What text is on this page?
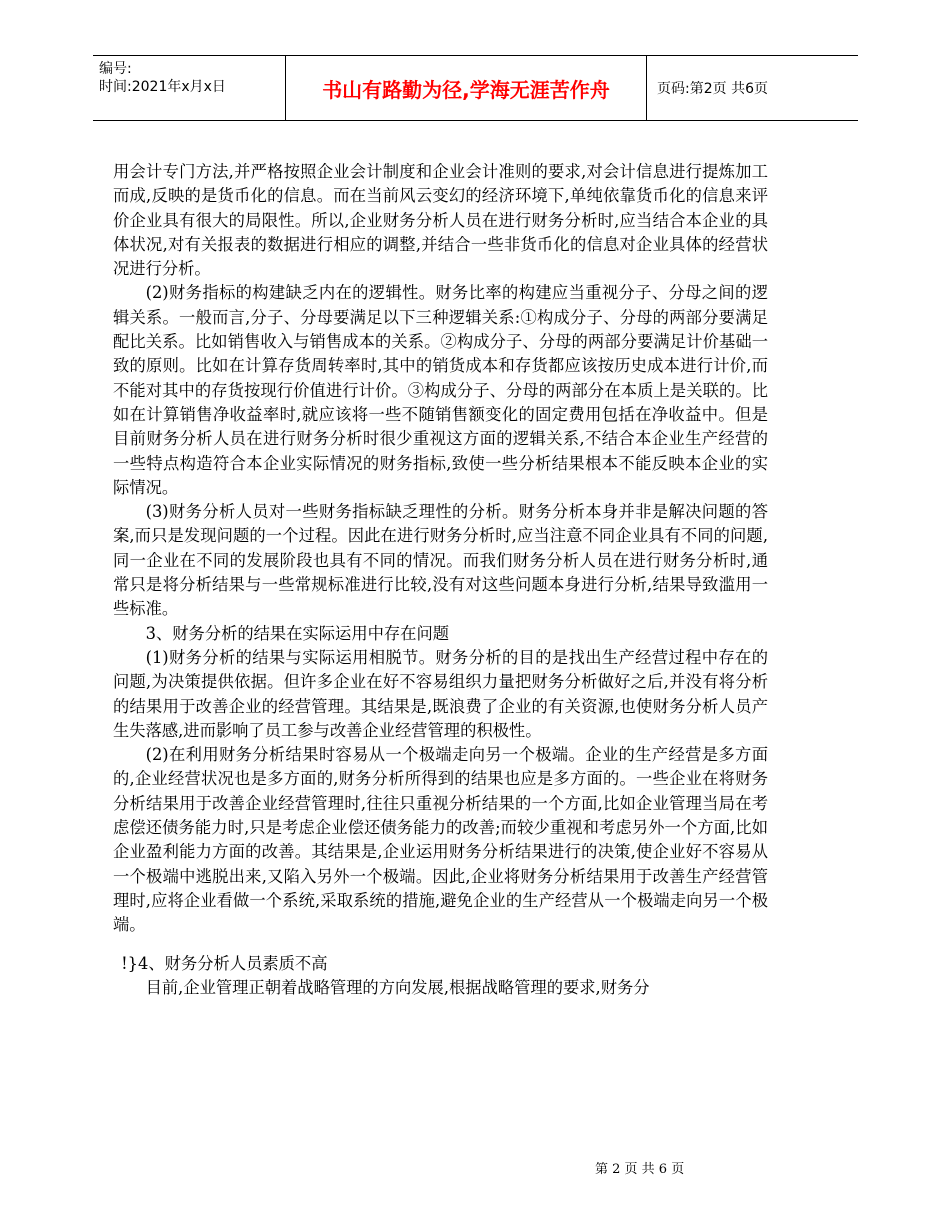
编号:
时间:2021年x月x日	书山有路勤为径,学海无涯苦作舟	页码:第2页 共6页

用会计专门方法,并严格按照企业会计制度和企业会计准则的要求,对会计信息进行提炼加工而成,反映的是货币化的信息。而在当前风云变幻的经济环境下,单纯依靠货币化的信息来评价企业具有很大的局限性。所以,企业财务分析人员在进行财务分析时,应当结合本企业的具体状况,对有关报表的数据进行相应的调整,并结合一些非货币化的信息对企业具体的经营状况进行分析。

(2)财务指标的构建缺乏内在的逻辑性。财务比率的构建应当重视分子、分母之间的逻辑关系。一般而言,分子、分母要满足以下三种逻辑关系:①构成分子、分母的两部分要满足配比关系。比如销售收入与销售成本的关系。②构成分子、分母的两部分要满足计价基础一致的原则。比如在计算存货周转率时,其中的销货成本和存货都应该按历史成本进行计价,而不能对其中的存货按现行价值进行计价。③构成分子、分母的两部分在本质上是关联的。比如在计算销售净收益率时,就应该将一些不随销售额变化的固定费用包括在净收益中。但是目前财务分析人员在进行财务分析时很少重视这方面的逻辑关系,不结合本企业生产经营的一些特点构造符合本企业实际情况的财务指标,致使一些分析结果根本不能反映本企业的实际情况。

(3)财务分析人员对一些财务指标缺乏理性的分析。财务分析本身并非是解决问题的答案,而只是发现问题的一个过程。因此在进行财务分析时,应当注意不同企业具有不同的问题,同一企业在不同的发展阶段也具有不同的情况。而我们财务分析人员在进行财务分析时,通常只是将分析结果与一些常规标准进行比较,没有对这些问题本身进行分析,结果导致滥用一些标准。

3、财务分析的结果在实际运用中存在问题

(1)财务分析的结果与实际运用相脱节。财务分析的目的是找出生产经营过程中存在的问题,为决策提供依据。但许多企业在好不容易组织力量把财务分析做好之后,并没有将分析的结果用于改善企业的经营管理。其结果是,既浪费了企业的有关资源,也使财务分析人员产生失落感,进而影响了员工参与改善企业经营管理的积极性。

(2)在利用财务分析结果时容易从一个极端走向另一个极端。企业的生产经营是多方面的,企业经营状况也是多方面的,财务分析所得到的结果也应是多方面的。一些企业在将财务分析结果用于改善企业经营管理时,往往只重视分析结果的一个方面,比如企业管理当局在考虑偿还债务能力时,只是考虑企业偿还债务能力的改善;而较少重视和考虑另外一个方面,比如企业盈利能力方面的改善。其结果是,企业运用财务分析结果进行的决策,使企业好不容易从一个极端中逃脱出来,又陷入另外一个极端。因此,企业将财务分析结果用于改善生产经营管理时,应将企业看做一个系统,采取系统的措施,避免企业的生产经营从一个极端走向另一个极端。

!}4、财务分析人员素质不高

目前,企业管理正朝着战略管理的方向发展,根据战略管理的要求,财务分

第 2 页 共 6 页
